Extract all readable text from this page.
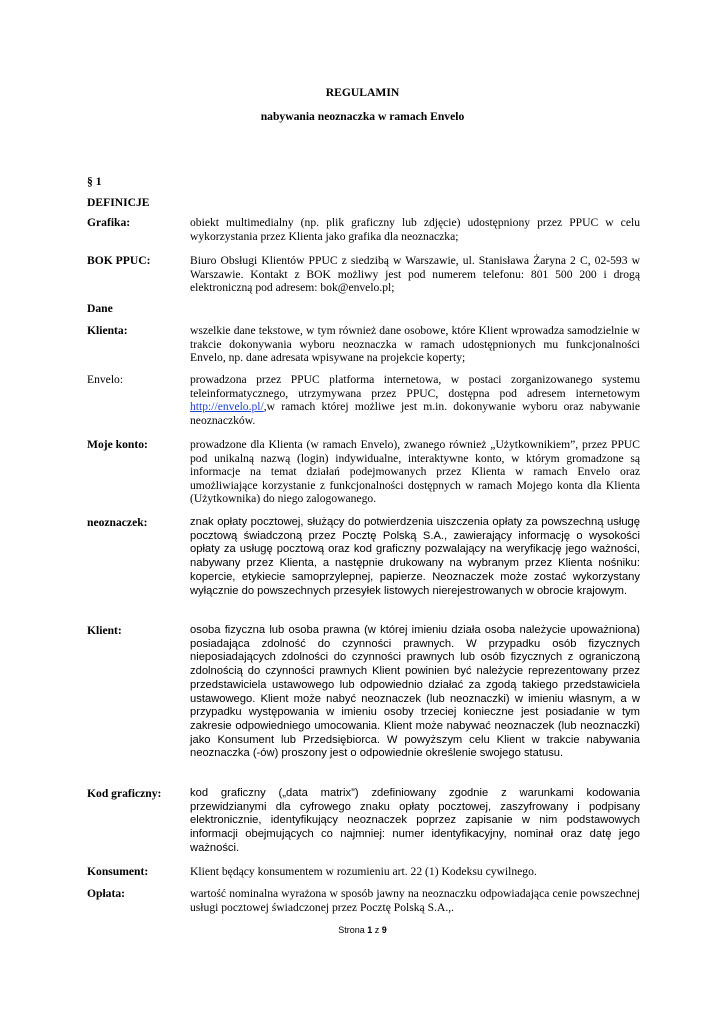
REGULAMIN
nabywania neoznaczka w ramach Envelo
§ 1
DEFINICJE
Grafika:	obiekt multimedialny (np. plik graficzny lub zdjęcie) udostępniony przez PPUC w celu wykorzystania przez Klienta jako grafika dla neoznaczka;
BOK PPUC:	Biuro Obsługi Klientów PPUC z siedzibą w Warszawie, ul. Stanisława Żaryna 2 C, 02-593 w Warszawie. Kontakt z BOK możliwy jest pod numerem telefonu: 801 500 200 i drogą elektroniczną pod adresem: bok@envelo.pl;
Dane
Klienta:	wszelkie dane tekstowe, w tym również dane osobowe, które Klient wprowadza samodzielnie w trakcie dokonywania wyboru neoznaczka w ramach udostępnionych mu funkcjonalności Envelo, np. dane adresata wpisywane na projekcie koperty;
Envelo:	prowadzona przez PPUC platforma internetowa, w postaci zorganizowanego systemu teleinformatycznego, utrzymywana przez PPUC, dostępna pod adresem internetowym http://envelo.pl/,w ramach której możliwe jest m.in. dokonywanie wyboru oraz nabywanie neoznaczków.
Moje konto:	prowadzone dla Klienta (w ramach Envelo), zwanego również „Użytkownikiem”, przez PPUC pod unikalną nazwą (login) indywidualne, interaktywne konto, w którym gromadzone są informacje na temat działań podejmowanych przez Klienta w ramach Envelo oraz umożliwiające korzystanie z funkcjonalności dostępnych w ramach Mojego konta dla Klienta (Użytkownika) do niego zalogowanego.
neoznaczek:	znak opłaty pocztowej, służący do potwierdzenia uiszczenia opłaty za powszechną usługę pocztową świadczoną przez Pocztę Polską S.A., zawierający informację o wysokości opłaty za usługę pocztową oraz kod graficzny pozwalający na weryfikację jego ważności, nabywany przez Klienta, a następnie drukowany na wybranym przez Klienta nośniku: kopercie, etykiecie samoprzylepnej, papierze. Neoznaczek może zostać wykorzystany wyłącznie do powszechnych przesyłek listowych nierejestrowanych w obrocie krajowym.
Klient:	osoba fizyczna lub osoba prawna (w której imieniu działa osoba należycie upoważniona) posiadająca zdolność do czynności prawnych. W przypadku osób fizycznych nieposiadających zdolności do czynności prawnych lub osób fizycznych z ograniczoną zdolnością do czynności prawnych Klient powinien być należycie reprezentowany przez przedstawiciela ustawowego lub odpowiednio działać za zgodą takiego przedstawiciela ustawowego. Klient może nabyć neoznaczek (lub neoznaczki) w imieniu własnym, a w przypadku występowania w imieniu osoby trzeciej konieczne jest posiadanie w tym zakresie odpowiedniego umocowania. Klient może nabywać neoznaczek (lub neoznaczki) jako Konsument lub Przedsiębiorca. W powyższym celu Klient w trakcie nabywania neoznaczka (-ów) proszony jest o odpowiednie określenie swojego statusu.
Kod graficzny:	kod graficzny („data matrix”) zdefiniowany zgodnie z warunkami kodowania przewidzianymi dla cyfrowego znaku opłaty pocztowej, zaszyfrowany i podpisany elektronicznie, identyfikujący neoznaczek poprzez zapisanie w nim podstawowych informacji obejmujących co najmniej: numer identyfikacyjny, nominał oraz datę jego ważności.
Konsument:	Klient będący konsumentem w rozumieniu art. 22 (1) Kodeksu cywilnego.
Opłata:	wartość nominalna wyrażona w sposób jawny na neoznaczku odpowiadająca cenie powszechnej usługi pocztowej świadczonej przez Pocztę Polską S.A.,.
Strona 1 z 9
